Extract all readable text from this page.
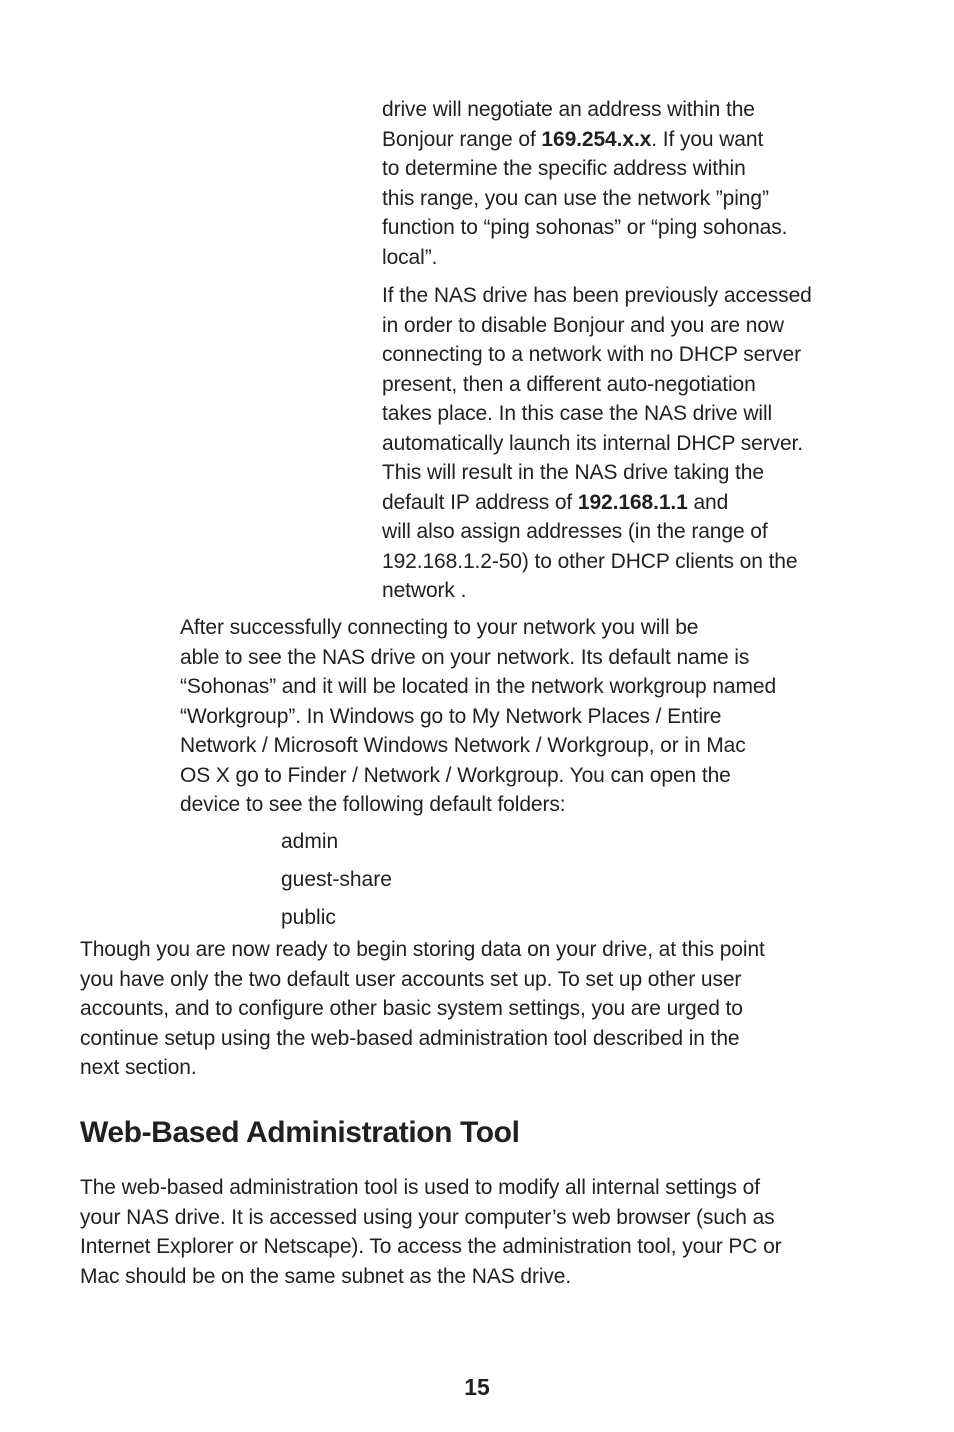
drive will negotiate an address within the
Bonjour range of 169.254.x.x. If you want
to determine the specific address within
this range, you can use the network ”ping”
function to “ping sohonas” or “ping sohonas.
local”.

If the NAS drive has been previously accessed
in order to disable Bonjour and you are now
connecting to a network with no DHCP server
present, then a different auto-negotiation
takes place. In this case the NAS drive will
automatically launch its internal DHCP server.
This will result in the NAS drive taking the
default IP address of 192.168.1.1 and
will also assign addresses (in the range of
192.168.1.2-50) to other DHCP clients on the
network .

After successfully connecting to your network you will be
able to see the NAS drive on your network. Its default name is
“Sohonas” and it will be located in the network workgroup named
“Workgroup”. In Windows go to My Network Places / Entire
Network / Microsoft Windows Network / Workgroup, or in Mac
OS X go to Finder / Network / Workgroup. You can open the
device to see the following default folders:

admin
guest-share
public

Though you are now ready to begin storing data on your drive, at this point
you have only the two default user accounts set up. To set up other user
accounts, and to configure other basic system settings, you are urged to
continue setup using the web-based administration tool described in the
next section.

Web-Based Administration Tool

The web-based administration tool is used to modify all internal settings of
your NAS drive. It is accessed using your computer’s web browser (such as
Internet Explorer or Netscape). To access the administration tool, your PC or
Mac should be on the same subnet as the NAS drive.

15
